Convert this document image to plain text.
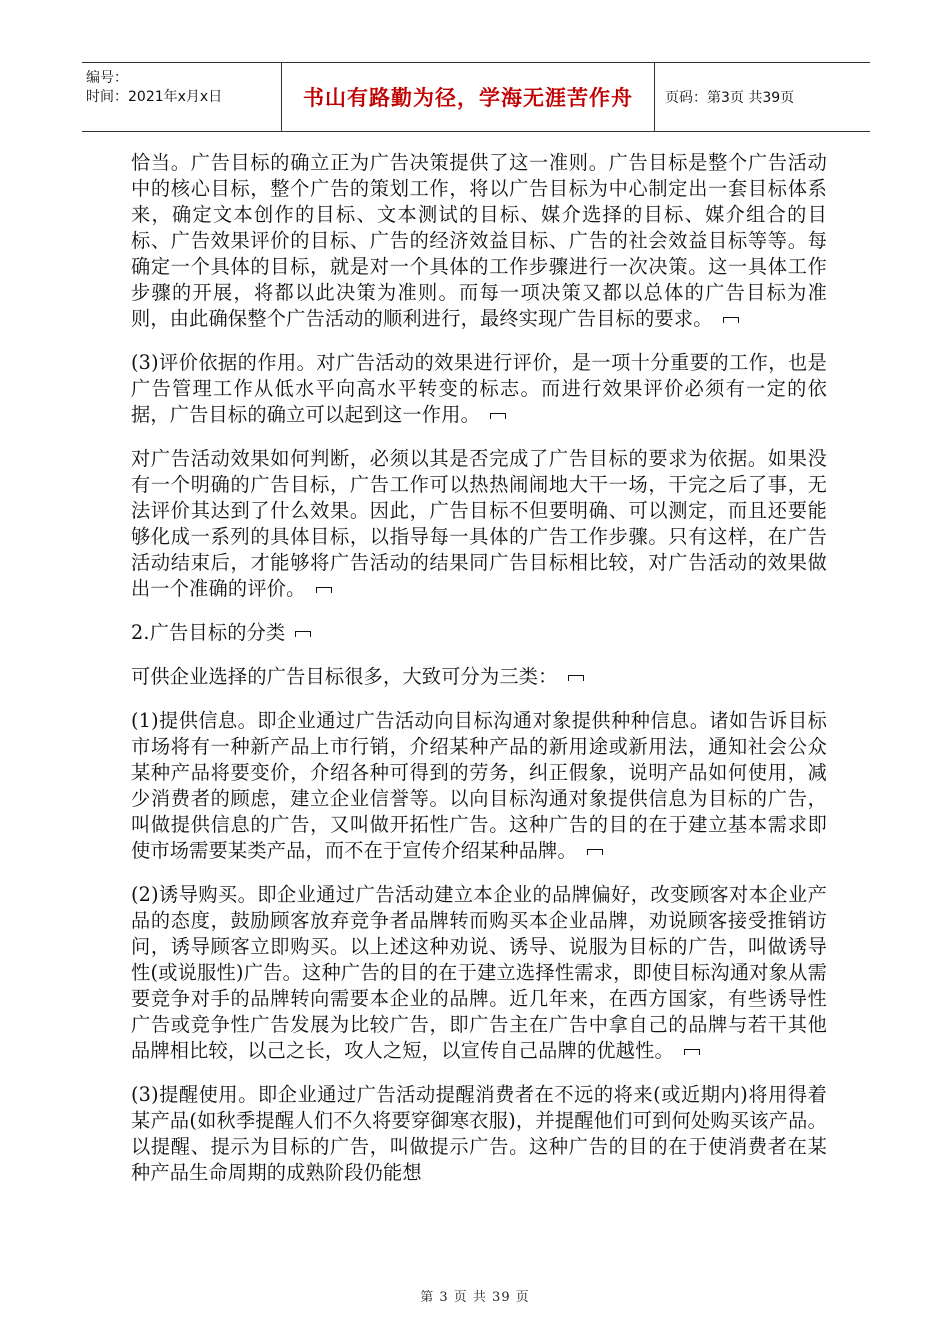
编号：
时间：2021年x月x日	书山有路勤为径，学海无涯苦作舟 页码：第3页 共39页

恰当。广告目标的确立正为广告决策提供了这一准则。广告目标是整个广告活动中的核心目标，整个广告的策划工作，将以广告目标为中心制定出一套目标体系来，确定文本创作的目标、文本测试的目标、媒介选择的目标、媒介组合的目标、广告效果评价的目标、广告的经济效益目标、广告的社会效益目标等等。每确定一个具体的目标，就是对一个具体的工作步骤进行一次决策。这一具体工作步骤的开展，将都以此决策为准则。而每一项决策又都以总体的广告目标为准则，由此确保整个广告活动的顺利进行，最终实现广告目标的要求。

(3)评价依据的作用。对广告活动的效果进行评价，是一项十分重要的工作，也是广告管理工作从低水平向高水平转变的标志。而进行效果评价必须有一定的依据，广告目标的确立可以起到这一作用。

对广告活动效果如何判断，必须以其是否完成了广告目标的要求为依据。如果没有一个明确的广告目标，广告工作可以热热闹闹地大干一场，干完之后了事，无法评价其达到了什么效果。因此，广告目标不但要明确、可以测定，而且还要能够化成一系列的具体目标，以指导每一具体的广告工作步骤。只有这样，在广告活动结束后，才能够将广告活动的结果同广告目标相比较，对广告活动的效果做出一个准确的评价。

2.广告目标的分类

可供企业选择的广告目标很多，大致可分为三类：

(1)提供信息。即企业通过广告活动向目标沟通对象提供种种信息。诸如告诉目标市场将有一种新产品上市行销，介绍某种产品的新用途或新用法，通知社会公众某种产品将要变价，介绍各种可得到的劳务，纠正假象，说明产品如何使用，减少消费者的顾虑，建立企业信誉等。以向目标沟通对象提供信息为目标的广告，叫做提供信息的广告，又叫做开拓性广告。这种广告的目的在于建立基本需求即使市场需要某类产品，而不在于宣传介绍某种品牌。

(2)诱导购买。即企业通过广告活动建立本企业的品牌偏好，改变顾客对本企业产品的态度，鼓励顾客放弃竞争者品牌转而购买本企业品牌，劝说顾客接受推销访问，诱导顾客立即购买。以上述这种劝说、诱导、说服为目标的广告，叫做诱导性(或说服性)广告。这种广告的目的在于建立选择性需求，即使目标沟通对象从需要竞争对手的品牌转向需要本企业的品牌。近几年来，在西方国家，有些诱导性广告或竞争性广告发展为比较广告，即广告主在广告中拿自己的品牌与若干其他品牌相比较，以己之长，攻人之短，以宣传自己品牌的优越性。

(3)提醒使用。即企业通过广告活动提醒消费者在不远的将来(或近期内)将用得着某产品(如秋季提醒人们不久将要穿御寒衣服)，并提醒他们可到何处购买该产品。以提醒、提示为目标的广告，叫做提示广告。这种广告的目的在于使消费者在某种产品生命周期的成熟阶段仍能想

第 3 页 共 39 页
